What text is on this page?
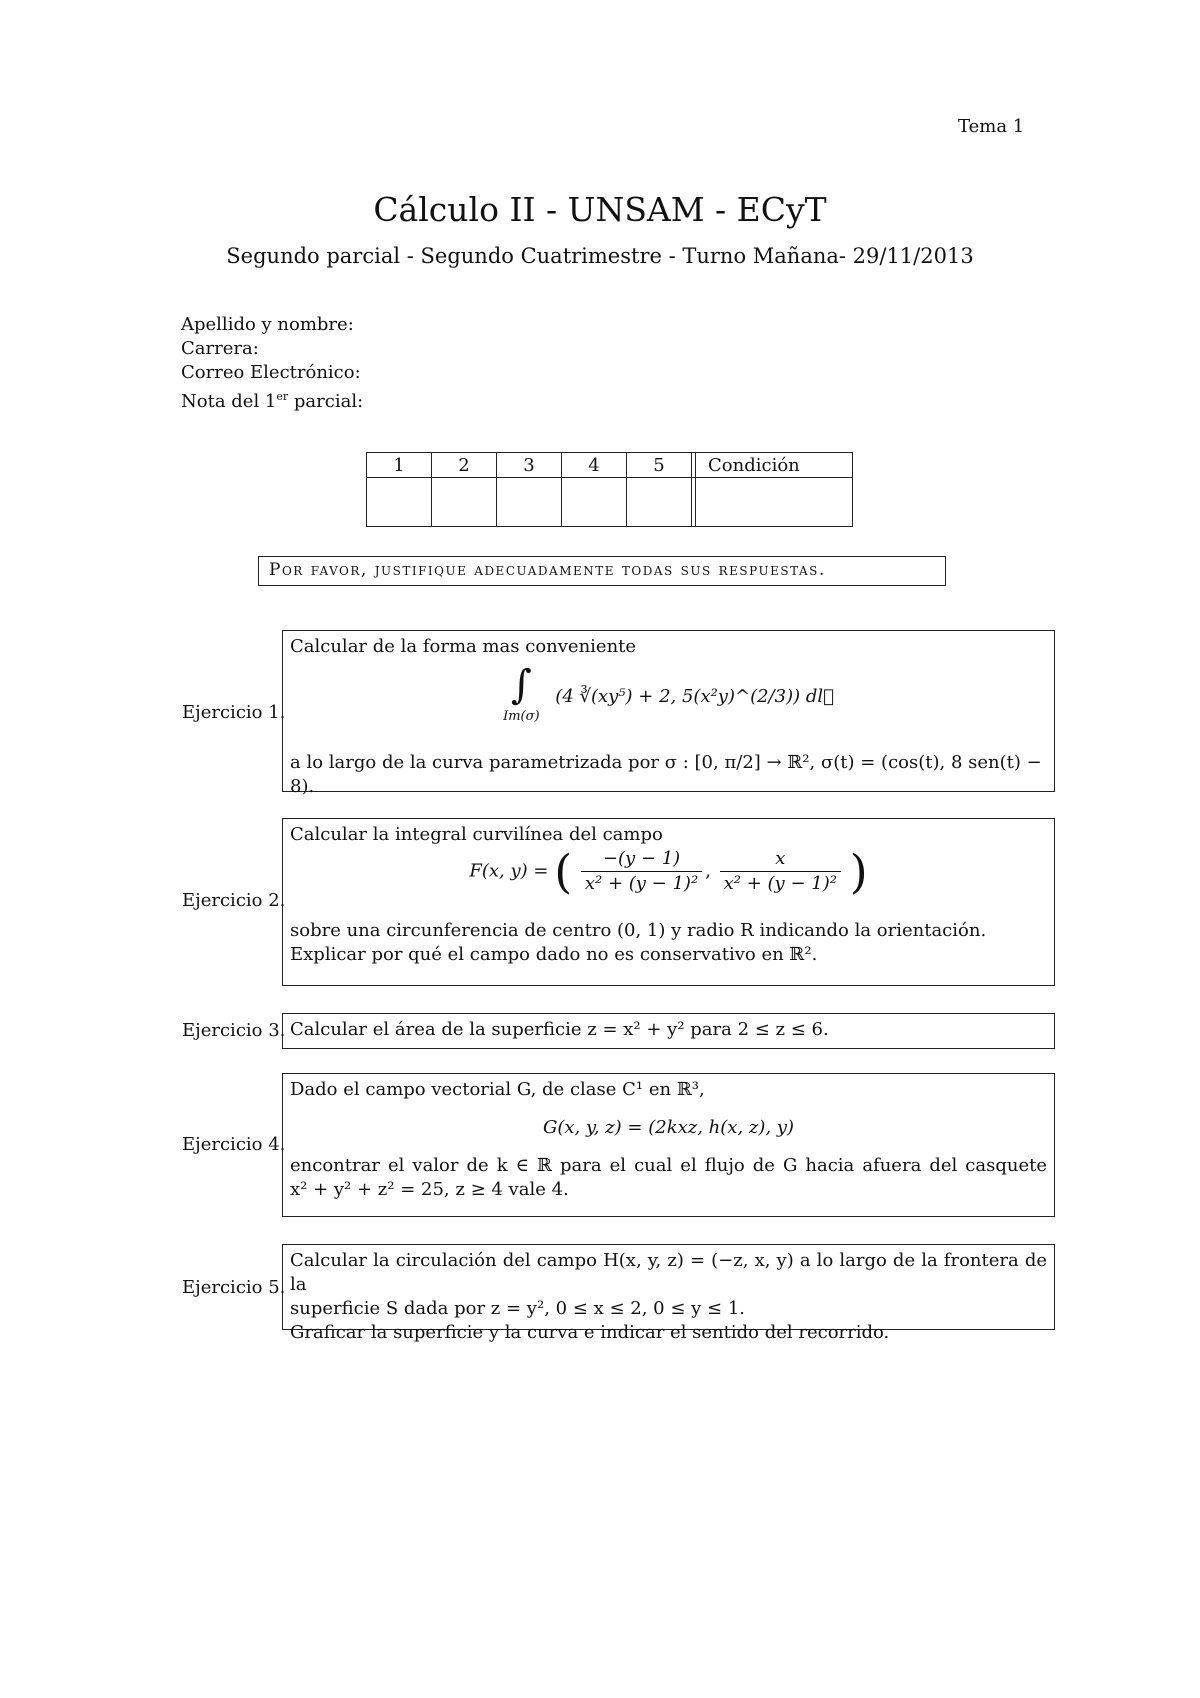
Tema 1
Cálculo II - UNSAM - ECyT
Segundo parcial - Segundo Cuatrimestre - Turno Mañana- 29/11/2013
Apellido y nombre:
Carrera:
Correo Electrónico:
Nota del 1er parcial:
1	2	3	4	5		Condición

Por favor, justifique adecuadamente todas sus respuestas.
Ejercicio 1.
Calcular de la forma mas conveniente
∫
Im(σ)
(4 ∛(xy⁵) + 2, 5(x²y)^(2/3)) dl⃗
a lo largo de la curva parametrizada por σ : [0, π/2] → ℝ², σ(t) = (cos(t), 8 sen(t) − 8).
Ejercicio 2.
Calcular la integral curvilínea del campo
F(x, y) = ( $\frac{-(y - 1)}{\text{x² + (y − 1)²}}$ , $\frac{x}{\text{x² + (y − 1)²}}$ )
sobre una circunferencia de centro (0, 1) y radio R indicando la orientación.
Explicar por qué el campo dado no es conservativo en ℝ².
Ejercicio 3. Calcular el área de la superficie z = x² + y² para 2 ≤ z ≤ 6.
Ejercicio 4.
Dado el campo vectorial G, de clase C¹ en ℝ³,
G(x, y, z) = (2kxz, h(x, z), y)
encontrar el valor de k ∈ ℝ para el cual el flujo de G hacia afuera del casquete
x² + y² + z² = 25, z ≥ 4 vale 4.
Ejercicio 5.
Calcular la circulación del campo H(x, y, z) = (−z, x, y) a lo largo de la frontera de la
superficie S dada por z = y², 0 ≤ x ≤ 2, 0 ≤ y ≤ 1.
Graficar la superficie y la curva e indicar el sentido del recorrido.
